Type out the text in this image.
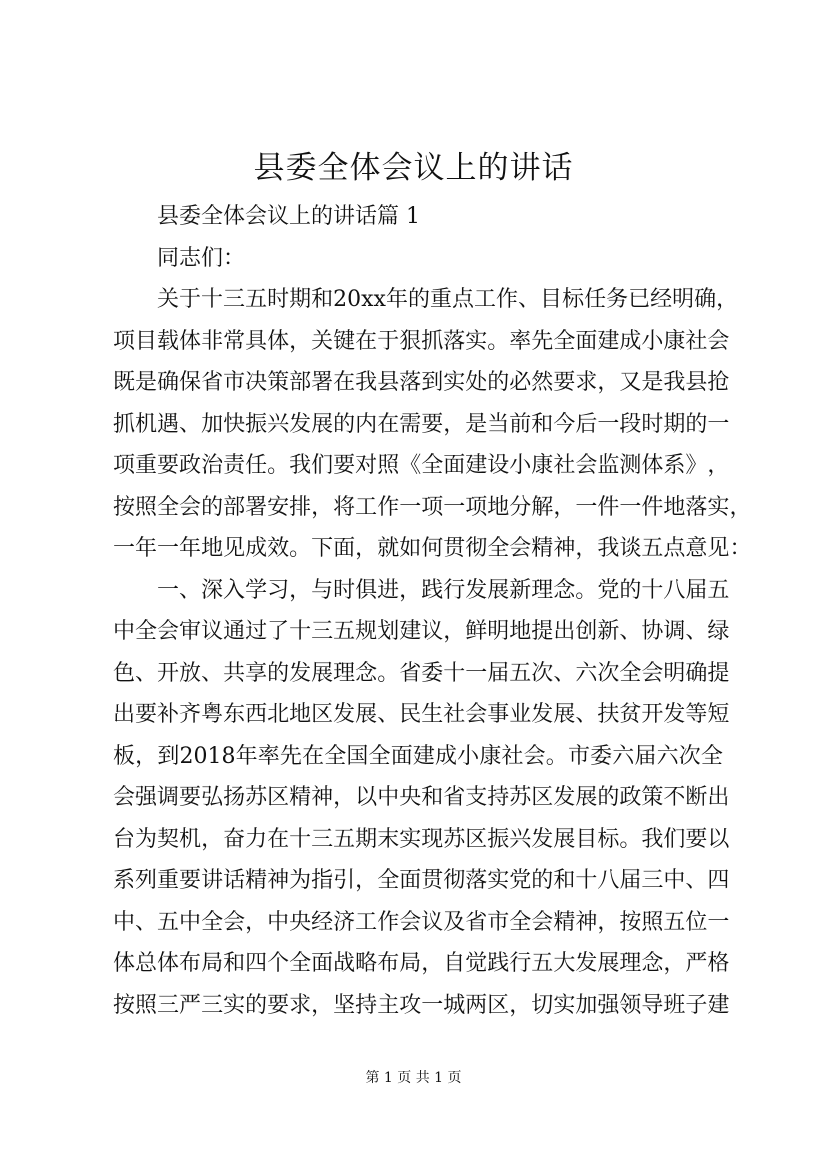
县委全体会议上的讲话
县委全体会议上的讲话篇 1
同志们：
关 于 十 三 五 时 期 和 20xx 年 的 重 点 工 作 、 目 标 任 务 已 经 明 确 ，
项 目 载 体 非 常 具 体 ， 关 键 在 于 狠 抓 落 实 。 率 先 全 面 建 成 小 康 社 会
既 是 确 保 省 市 决 策 部 署 在 我 县 落 到 实 处 的 必 然 要 求 ， 又 是 我 县 抢
抓 机 遇 、 加 快 振 兴 发 展 的 内 在 需 要 ， 是 当 前 和 今 后 一 段 时 期 的 一
项 重 要 政 治 责 任 。 我 们 要 对 照 《 全 面 建 设 小 康 社 会 监 测 体 系 》 ，
按 照 全 会 的 部 署 安 排 ， 将 工 作 一 项 一 项 地 分 解 ， 一 件 一 件 地 落 实 ，
一 年 一 年 地 见 成 效 。 下 面 ， 就 如 何 贯 彻 全 会 精 神 ， 我 谈 五 点 意 见 ：
一 、 深 入 学 习 ， 与 时 俱 进 ， 践 行 发 展 新 理 念 。 党 的 十 八 届 五
中 全 会 审 议 通 过 了 十 三 五 规 划 建 议 ， 鲜 明 地 提 出 创 新 、 协 调 、 绿
色 、 开 放 、 共 享 的 发 展 理 念 。 省 委 十 一 届 五 次 、 六 次 全 会 明 确 提
出 要 补 齐 粤 东 西 北 地 区 发 展 、 民 生 社 会 事 业 发 展 、 扶 贫 开 发 等 短
板 ， 到 2018 年 率 先 在 全 国 全 面 建 成 小 康 社 会 。 市 委 六 届 六 次 全
会 强 调 要 弘 扬 苏 区 精 神 ， 以 中 央 和 省 支 持 苏 区 发 展 的 政 策 不 断 出
台 为 契 机 ， 奋 力 在 十 三 五 期 末 实 现 苏 区 振 兴 发 展 目 标 。 我 们 要 以
系 列 重 要 讲 话 精 神 为 指 引 ， 全 面 贯 彻 落 实 党 的 和 十 八 届 三 中 、 四
中 、 五 中 全 会 ， 中 央 经 济 工 作 会 议 及 省 市 全 会 精 神 ， 按 照 五 位 一
体 总 体 布 局 和 四 个 全 面 战 略 布 局 ， 自 觉 践 行 五 大 发 展 理 念 ， 严 格
按 照 三 严 三 实 的 要 求 ， 坚 持 主 攻 一 城 两 区 ， 切 实 加 强 领 导 班 子 建
第 1 页 共 1 页
